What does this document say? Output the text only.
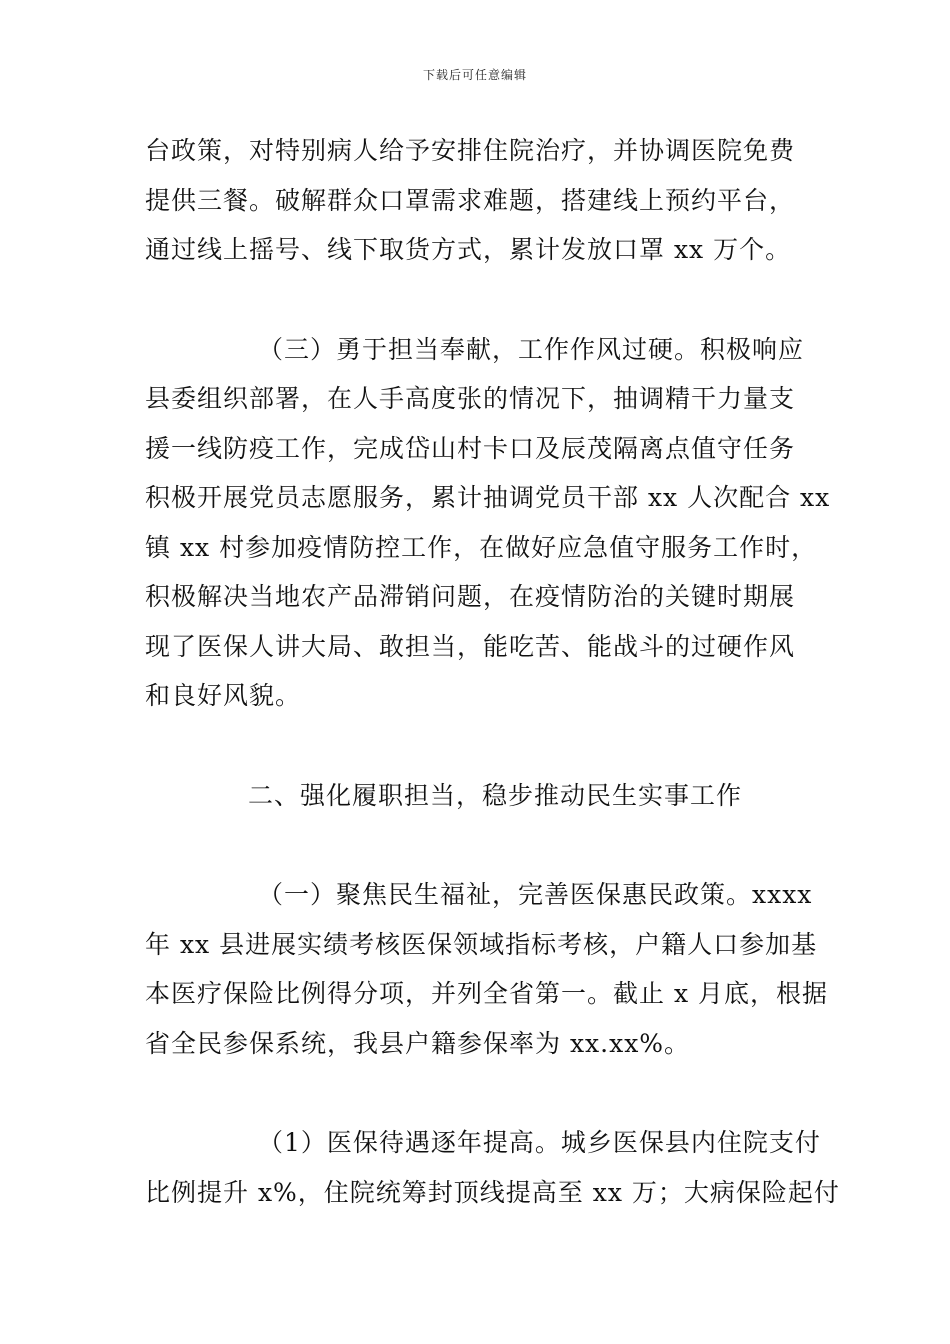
下载后可任意编辑
台政策，对特别病人给予安排住院治疗，并协调医院免费
提供三餐。破解群众口罩需求难题，搭建线上预约平台，
通过线上摇号、线下取货方式，累计发放口罩 xx 万个。
（三）勇于担当奉献，工作作风过硬。积极响应
县委组织部署，在人手高度张的情况下，抽调精干力量支
援一线防疫工作，完成岱山村卡口及辰茂隔离点值守任务
积极开展党员志愿服务，累计抽调党员干部 xx 人次配合 xx
镇 xx 村参加疫情防控工作，在做好应急值守服务工作时，
积极解决当地农产品滞销问题，在疫情防治的关键时期展
现了医保人讲大局、敢担当，能吃苦、能战斗的过硬作风
和良好风貌。
二、强化履职担当，稳步推动民生实事工作
（一）聚焦民生福祉，完善医保惠民政策。xxxx
年 xx 县进展实绩考核医保领域指标考核，户籍人口参加基
本医疗保险比例得分项，并列全省第一。截止 x 月底，根据
省全民参保系统，我县户籍参保率为 xx.xx%。
（1）医保待遇逐年提高。城乡医保县内住院支付
比例提升 x%，住院统筹封顶线提高至 xx 万；大病保险起付
